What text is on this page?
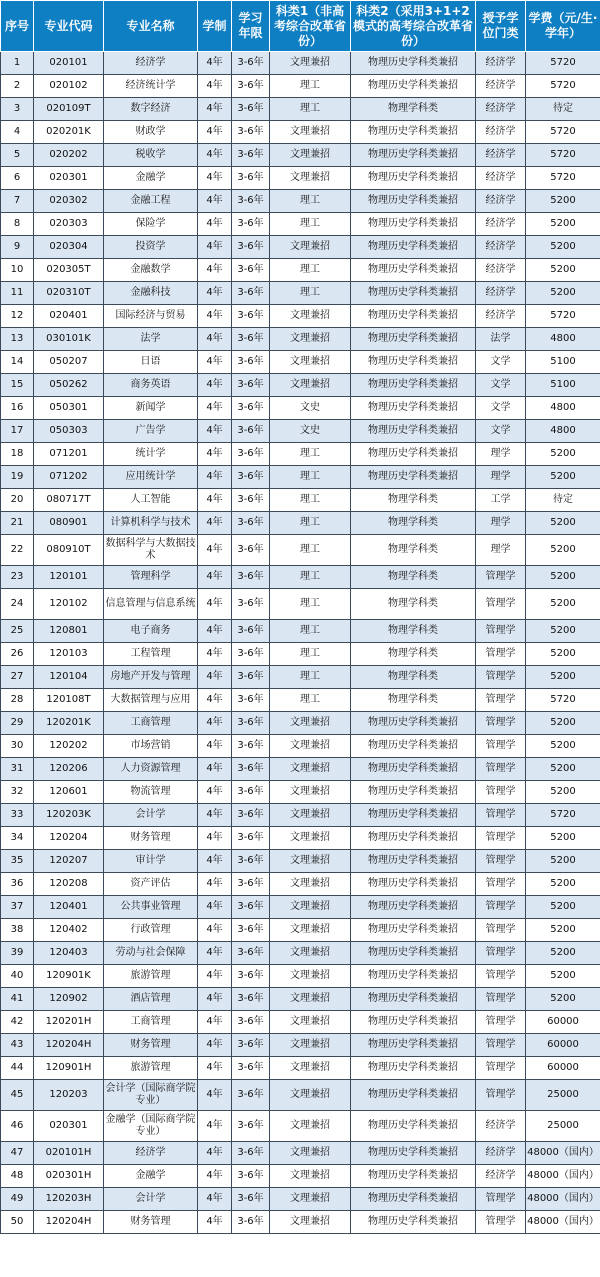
序号	专业代码	专业名称	学制	学习年限	科类1（非高考综合改革省份）	科类2（采用3+1+2模式的高考综合改革省份）	授予学位门类	学费（元/生·学年）
1	020101	经济学	4年	3-6年	文理兼招	物理历史学科类兼招	经济学	5720
2	020102	经济统计学	4年	3-6年	理工	物理历史学科类兼招	经济学	5720
3	020109T	数字经济	4年	3-6年	理工	物理学科类	经济学	待定
4	020201K	财政学	4年	3-6年	文理兼招	物理历史学科类兼招	经济学	5720
5	020202	税收学	4年	3-6年	文理兼招	物理历史学科类兼招	经济学	5720
6	020301	金融学	4年	3-6年	文理兼招	物理历史学科类兼招	经济学	5720
7	020302	金融工程	4年	3-6年	理工	物理历史学科类兼招	经济学	5200
8	020303	保险学	4年	3-6年	理工	物理历史学科类兼招	经济学	5200
9	020304	投资学	4年	3-6年	文理兼招	物理历史学科类兼招	经济学	5200
10	020305T	金融数学	4年	3-6年	理工	物理历史学科类兼招	经济学	5200
11	020310T	金融科技	4年	3-6年	理工	物理历史学科类兼招	经济学	5200
12	020401	国际经济与贸易	4年	3-6年	文理兼招	物理历史学科类兼招	经济学	5720
13	030101K	法学	4年	3-6年	文理兼招	物理历史学科类兼招	法学	4800
14	050207	日语	4年	3-6年	文理兼招	物理历史学科类兼招	文学	5100
15	050262	商务英语	4年	3-6年	文理兼招	物理历史学科类兼招	文学	5100
16	050301	新闻学	4年	3-6年	文史	物理历史学科类兼招	文学	4800
17	050303	广告学	4年	3-6年	文史	物理历史学科类兼招	文学	4800
18	071201	统计学	4年	3-6年	理工	物理历史学科类兼招	理学	5200
19	071202	应用统计学	4年	3-6年	理工	物理历史学科类兼招	理学	5200
20	080717T	人工智能	4年	3-6年	理工	物理学科类	工学	待定
21	080901	计算机科学与技术	4年	3-6年	理工	物理学科类	理学	5200
22	080910T	数据科学与大数据技术	4年	3-6年	理工	物理学科类	理学	5200
23	120101	管理科学	4年	3-6年	理工	物理学科类	管理学	5200
24	120102	信息管理与信息系统	4年	3-6年	理工	物理学科类	管理学	5200
25	120801	电子商务	4年	3-6年	理工	物理学科类	管理学	5200
26	120103	工程管理	4年	3-6年	理工	物理学科类	管理学	5200
27	120104	房地产开发与管理	4年	3-6年	理工	物理学科类	管理学	5200
28	120108T	大数据管理与应用	4年	3-6年	理工	物理学科类	管理学	5720
29	120201K	工商管理	4年	3-6年	文理兼招	物理历史学科类兼招	管理学	5200
30	120202	市场营销	4年	3-6年	文理兼招	物理历史学科类兼招	管理学	5200
31	120206	人力资源管理	4年	3-6年	文理兼招	物理历史学科类兼招	管理学	5200
32	120601	物流管理	4年	3-6年	文理兼招	物理历史学科类兼招	管理学	5200
33	120203K	会计学	4年	3-6年	文理兼招	物理历史学科类兼招	管理学	5720
34	120204	财务管理	4年	3-6年	文理兼招	物理历史学科类兼招	管理学	5200
35	120207	审计学	4年	3-6年	文理兼招	物理历史学科类兼招	管理学	5200
36	120208	资产评估	4年	3-6年	文理兼招	物理历史学科类兼招	管理学	5200
37	120401	公共事业管理	4年	3-6年	文理兼招	物理历史学科类兼招	管理学	5200
38	120402	行政管理	4年	3-6年	文理兼招	物理历史学科类兼招	管理学	5200
39	120403	劳动与社会保障	4年	3-6年	文理兼招	物理历史学科类兼招	管理学	5200
40	120901K	旅游管理	4年	3-6年	文理兼招	物理历史学科类兼招	管理学	5200
41	120902	酒店管理	4年	3-6年	文理兼招	物理历史学科类兼招	管理学	5200
42	120201H	工商管理	4年	3-6年	文理兼招	物理历史学科类兼招	管理学	60000
43	120204H	财务管理	4年	3-6年	文理兼招	物理历史学科类兼招	管理学	60000
44	120901H	旅游管理	4年	3-6年	文理兼招	物理历史学科类兼招	管理学	60000
45	120203	会计学（国际商学院专业）	4年	3-6年	文理兼招	物理历史学科类兼招	管理学	25000
46	020301	金融学（国际商学院专业）	4年	3-6年	文理兼招	物理历史学科类兼招	经济学	25000
47	020101H	经济学	4年	3-6年	文理兼招	物理历史学科类兼招	经济学	48000（国内）
48	020301H	金融学	4年	3-6年	文理兼招	物理历史学科类兼招	经济学	48000（国内）
49	120203H	会计学	4年	3-6年	文理兼招	物理历史学科类兼招	管理学	48000（国内）
50	120204H	财务管理	4年	3-6年	文理兼招	物理历史学科类兼招	管理学	48000（国内）
